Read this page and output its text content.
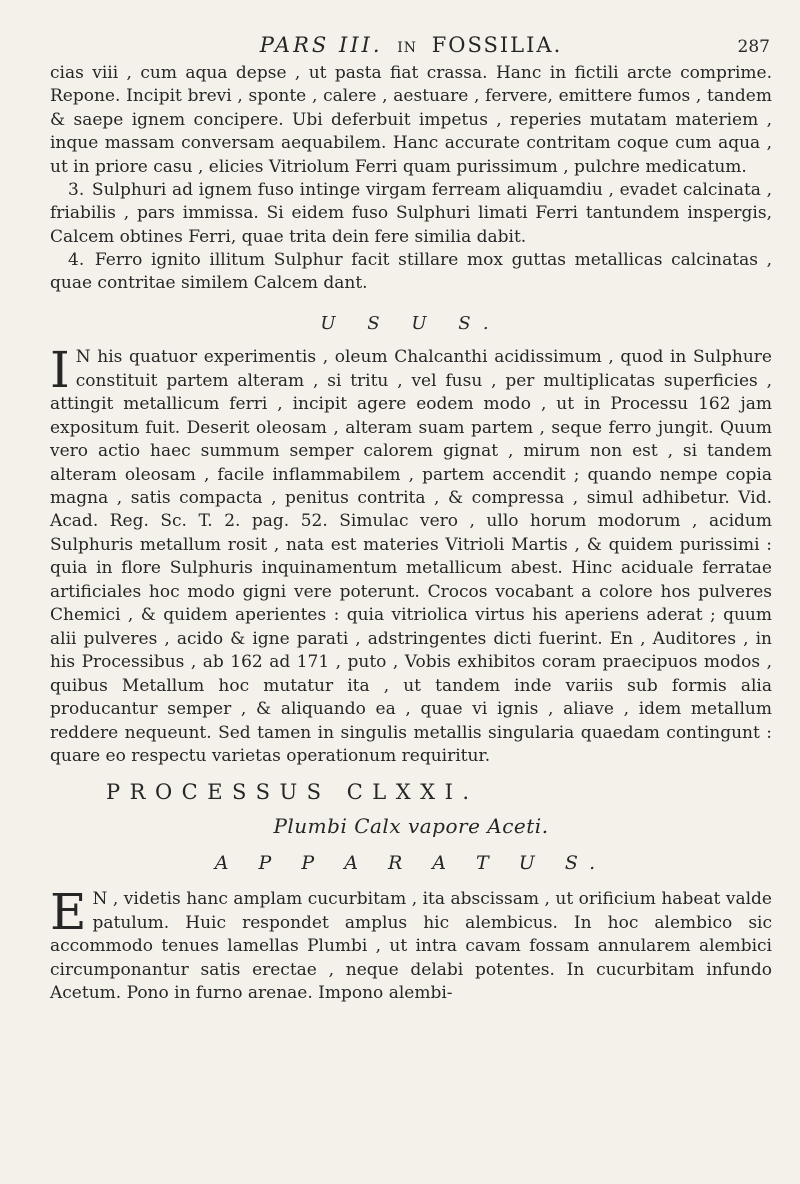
PARS III. IN FOSSILIA.	287

cias viii , cum aqua depse , ut pasta fiat crassa. Hanc in fictili arcte comprime. Repone. Incipit brevi , sponte , calere , aestuare , fervere, emittere fumos , tandem & saepe ignem concipere. Ubi deferbuit impetus , reperies mutatam materiem , inque massam conversam aequabilem. Hanc accurate contritam coque cum aqua , ut in priore casu , elicies Vitriolum Ferri quam purissimum , pulchre medicatum.

3. Sulphuri ad ignem fuso intinge virgam ferream aliquamdiu , evadet calcinata , friabilis , pars immissa. Si eidem fuso Sulphuri limati Ferri tantundem inspergis, Calcem obtines Ferri, quae trita dein fere similia dabit.

4. Ferro ignito illitum Sulphur facit stillare mox guttas metallicas calcinatas , quae contritae similem Calcem dant.

U S U S.

I N his quatuor experimentis , oleum Chalcanthi acidissimum , quod in Sulphure constituit partem alteram , si tritu , vel fusu , per multiplicatas superficies , attingit metallicum ferri , incipit agere eodem modo , ut in Processu 162 jam expositum fuit. Deserit oleosam , alteram suam partem , seque ferro jungit. Quum vero actio haec summum semper calorem gignat , mirum non est , si tandem alteram oleosam , facile inflammabilem , partem accendit ; quando nempe copia magna , satis compacta , penitus contrita , & compressa , simul adhibetur. Vid. Acad. Reg. Sc. T. 2. pag. 52. Simulac vero , ullo horum modorum , acidum Sulphuris metallum rosit , nata est materies Vitrioli Martis , & quidem purissimi : quia in flore Sulphuris inquinamentum metallicum abest. Hinc aciduale ferratae artificiales hoc modo gigni vere poterunt. Crocos vocabant a colore hos pulveres Chemici , & quidem aperientes : quia vitriolica virtus his aperiens aderat ; quum alii pulveres , acido & igne parati , adstringentes dicti fuerint. En , Auditores , in his Processibus , ab 162 ad 171 , puto , Vobis exhibitos coram praecipuos modos , quibus Metallum hoc mutatur ita , ut tandem inde variis sub formis alia producantur semper , & aliquando ea , quae vi ignis , aliave , idem metallum reddere nequeunt. Sed tamen in singulis metallis singularia quaedam contingunt : quare eo respectu varietas operationum requiritur.

PROCESSUS CLXXI.
Plumbi Calx vapore Aceti.
A P P A R A T U S.

E N , videtis hanc amplam cucurbitam , ita abscissam , ut orificium habeat valde patulum. Huic respondet amplus hic alembicus. In hoc alembico sic accommodo tenues lamellas Plumbi , ut intra cavam fossam annularem alembici circumponantur satis erectae , neque delabi potentes. In cucurbitam infundo Acetum. Pono in furno arenae. Impono alembi-
